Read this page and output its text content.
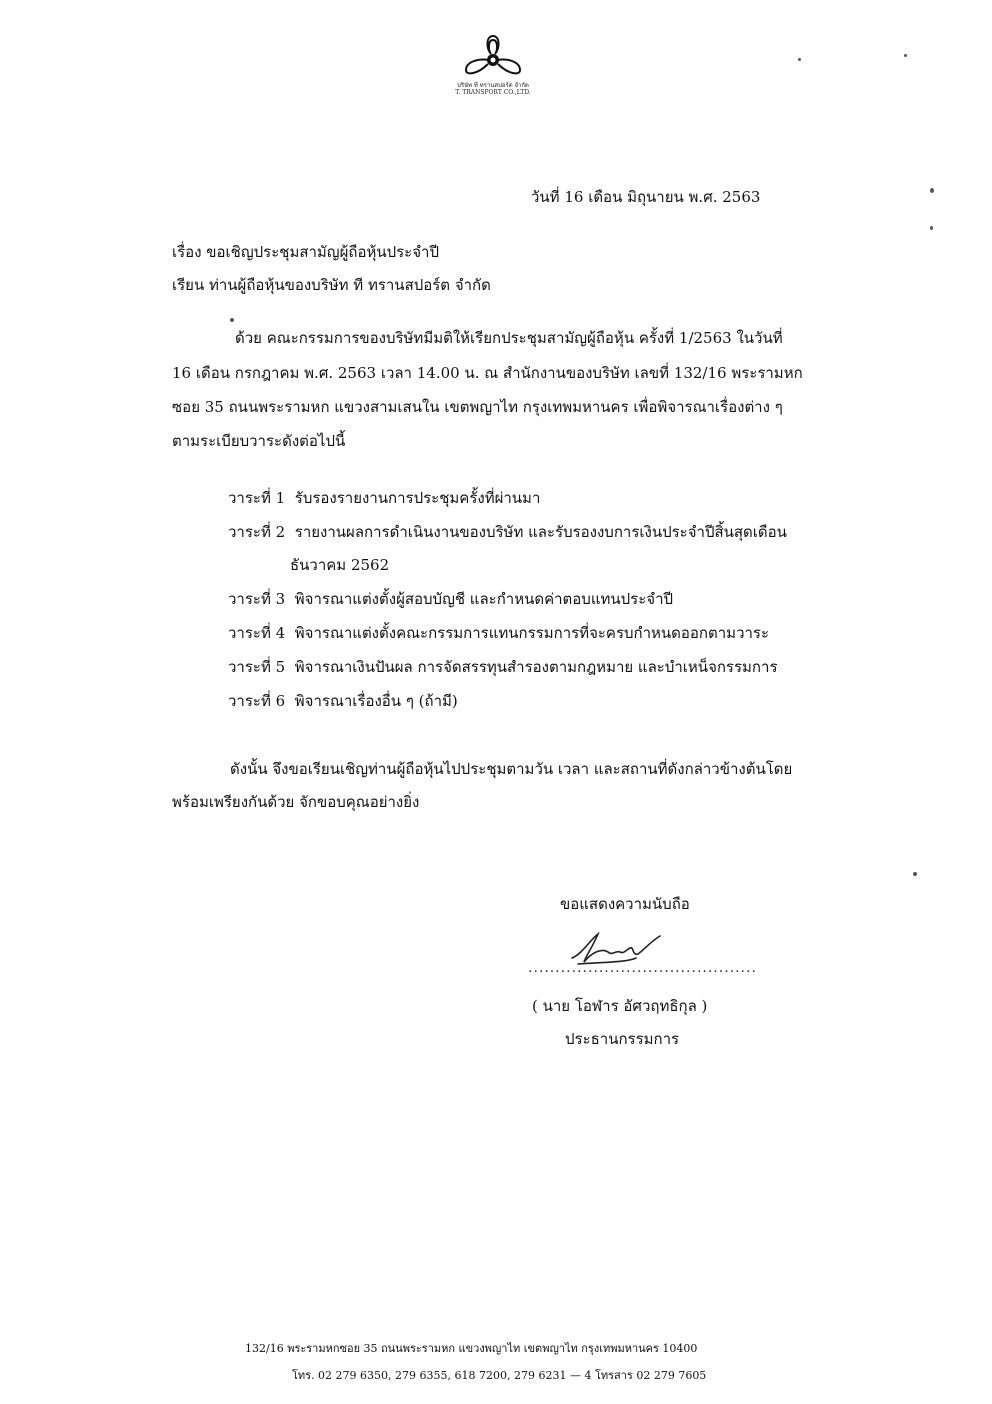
บริษัท ที ทรานสปอร์ต จำกัด
T. TRANSPORT CO.,LTD.
วันที่ 16 เดือน มิถุนายน พ.ศ. 2563
เรื่อง ขอเชิญประชุมสามัญผู้ถือหุ้นประจำปี
เรียน ท่านผู้ถือหุ้นของบริษัท ที ทรานสปอร์ต จำกัด
ด้วย คณะกรรมการของบริษัทมีมติให้เรียกประชุมสามัญผู้ถือหุ้น ครั้งที่ 1/2563 ในวันที่
16 เดือน กรกฎาคม พ.ศ. 2563 เวลา 14.00 น. ณ สำนักงานของบริษัท เลขที่ 132/16 พระรามหก
ซอย 35 ถนนพระรามหก แขวงสามเสนใน เขตพญาไท กรุงเทพมหานคร เพื่อพิจารณาเรื่องต่าง ๆ
ตามระเบียบวาระดังต่อไปนี้
วาระที่ 1 รับรองรายงานการประชุมครั้งที่ผ่านมา
วาระที่ 2 รายงานผลการดำเนินงานของบริษัท และรับรองงบการเงินประจำปีสิ้นสุดเดือน
ธันวาคม 2562
วาระที่ 3 พิจารณาแต่งตั้งผู้สอบบัญชี และกำหนดค่าตอบแทนประจำปี
วาระที่ 4 พิจารณาแต่งตั้งคณะกรรมการแทนกรรมการที่จะครบกำหนดออกตามวาระ
วาระที่ 5 พิจารณาเงินปันผล การจัดสรรทุนสำรองตามกฎหมาย และบำเหน็จกรรมการ
วาระที่ 6 พิจารณาเรื่องอื่น ๆ (ถ้ามี)
ดังนั้น จึงขอเรียนเชิญท่านผู้ถือหุ้นไปประชุมตามวัน เวลา และสถานที่ดังกล่าวข้างต้นโดย
พร้อมเพรียงกันด้วย จักขอบคุณอย่างยิ่ง
ขอแสดงความนับถือ
..........................................
( นาย โอฬาร อัศวฤทธิกุล )
ประธานกรรมการ
132/16 พระรามหกซอย 35 ถนนพระรามหก แขวงพญาไท เขตพญาไท กรุงเทพมหานคร 10400
โทร. 02 279 6350, 279 6355, 618 7200, 279 6231 — 4 โทรสาร 02 279 7605
